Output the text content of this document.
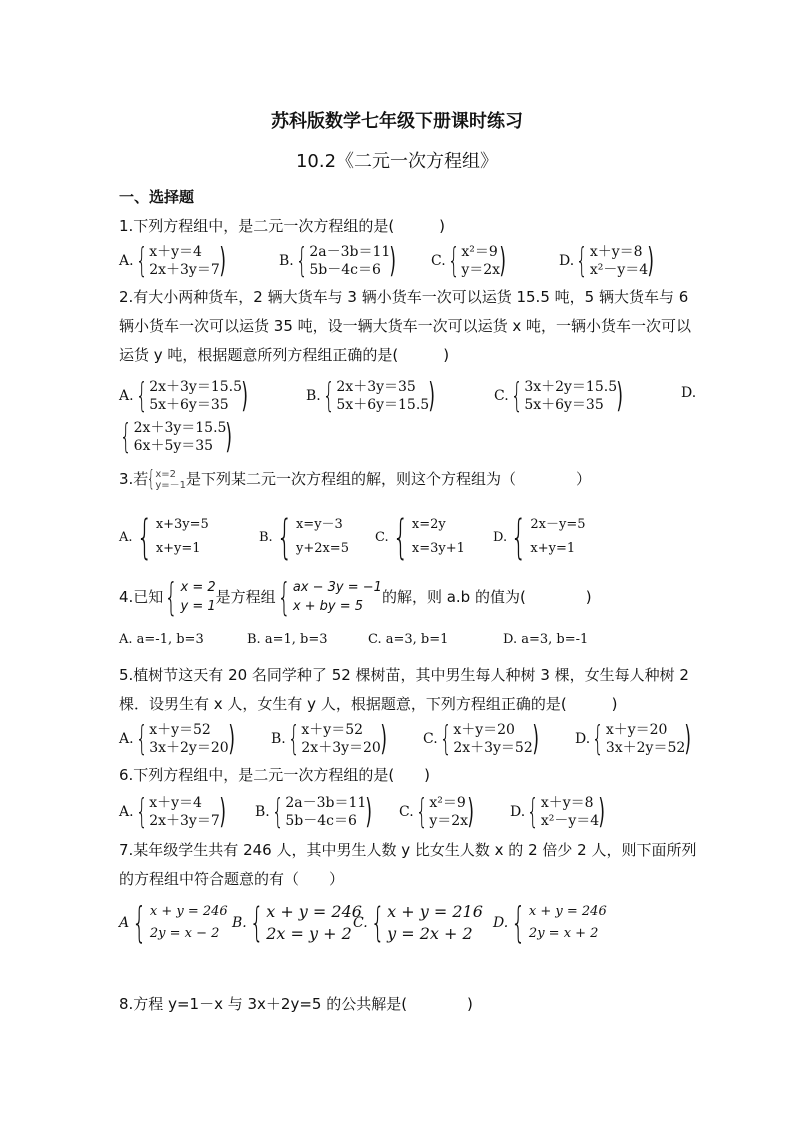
苏科版数学七年级下册课时练习
10.2《二元一次方程组》
一、选择题
1.下列方程组中，是二元一次方程组的是(　　　)
A. { x＋y＝4
2x＋3y＝7 )	B. { 2a－3b＝11
5b－4c＝6 ) C. { x²＝9
y＝2x )	D. { x＋y＝8
x²－y＝4 )
2.有大小两种货车，2 辆大货车与 3 辆小货车一次可以运货 15.5 吨，5 辆大货车与 6 辆小货车一次可以运货 35 吨，设一辆大货车一次可以运货 x 吨，一辆小货车一次可以运货 y 吨，根据题意所列方程组正确的是(　　　)
A. { 2x＋3y＝15.5
5x＋6y＝35 )	B. { 2x＋3y＝35
5x＋6y＝15.5 )	C. { 3x＋2y＝15.5
5x＋6y＝35 )	D.
{ 2x＋3y＝15.5
6x＋5y＝35 )
3.若 { x=2
y=－1 是下列某二元一次方程组的解，则这个方程组为（　　　　）
A. { x+3y=5
x+y=1
B. { x=y－3
y+2x=5
C. { x=2y
x=3y+1
D. { 2x－y=5
x+y=1
4.已知 { x = 2
y = 1
是方程组 { ax − 3y = −1
x + by = 5
的解，则 a.b 的值为(　　　　)
A. a=-1, b=3	B. a=1, b=3	C. a=3, b=1	D. a=3, b=-1
5.植树节这天有 20 名同学种了 52 棵树苗，其中男生每人种树 3 棵，女生每人种树 2 棵．设男生有 x 人，女生有 y 人，根据题意，下列方程组正确的是(　　　)
A. { x＋y＝52
3x＋2y＝20 )	B. { x＋y＝52
2x＋3y＝20 )	C. { x＋y＝20
2x＋3y＝52 )	D. { x＋y＝20
3x＋2y＝52 )
6.下列方程组中，是二元一次方程组的是(　　)
A. { x＋y＝4
2x＋3y＝7 ) B. { 2a－3b＝11
5b－4c＝6 ) C. { x²＝9
y＝2x )	D. { x＋y＝8
x²－y＝4 )
7.某年级学生共有 246 人，其中男生人数 y 比女生人数 x 的 2 倍少 2 人，则下面所列的方程组中符合题意的有（　　）
A { x + y = 246
2y = x − 2
B. { x + y = 246
2x = y + 2
C. { x + y = 216
y = 2x + 2
D. { x + y = 246
2y = x + 2
8.方程 y=1－x 与 3x＋2y=5 的公共解是(　　　　)
